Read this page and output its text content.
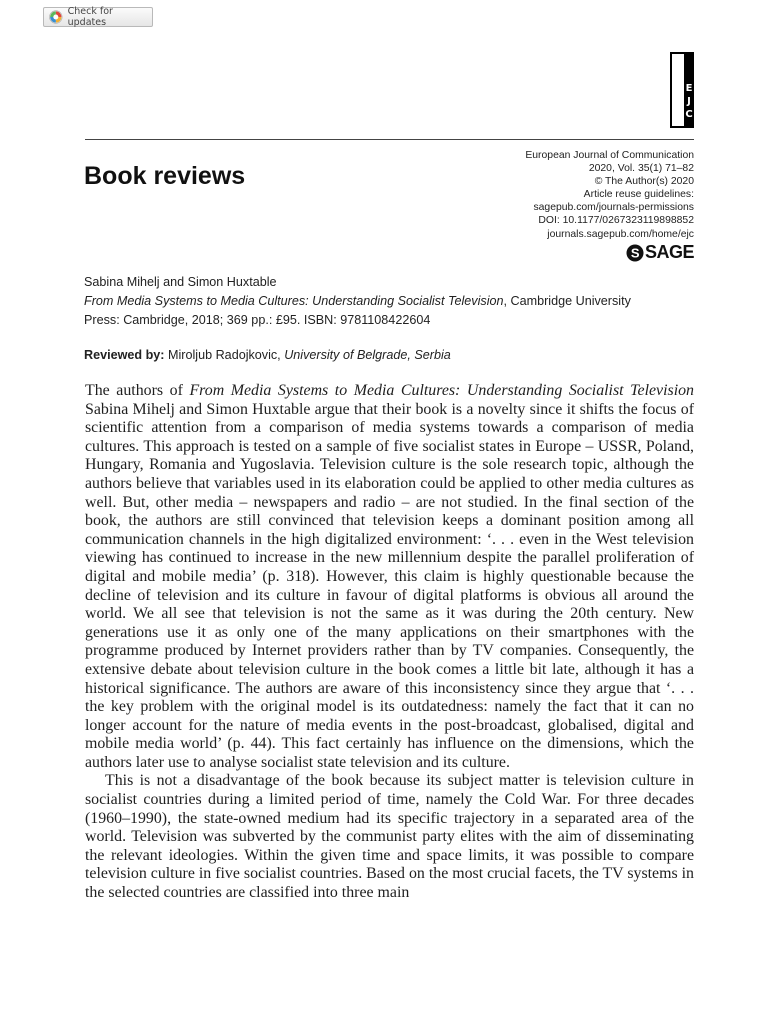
Check for updates
E
J
C
Book reviews
European Journal of Communication
2020, Vol. 35(1) 71–82
© The Author(s) 2020
Article reuse guidelines:
sagepub.com/journals-permissions
DOI: 10.1177/0267323119898852
journals.sagepub.com/home/ejc
S SAGE

Sabina Mihelj and Simon Huxtable

From Media Systems to Media Cultures: Understanding Socialist Television, Cambridge University

Press: Cambridge, 2018; 369 pp.: £95. ISBN: 9781108422604

Reviewed by: Miroljub Radojkovic, University of Belgrade, Serbia

The authors of From Media Systems to Media Cultures: Understanding Socialist Television Sabina Mihelj and Simon Huxtable argue that their book is a novelty since it shifts the focus of scientific attention from a comparison of media systems towards a comparison of media cultures. This approach is tested on a sample of five socialist states in Europe – USSR, Poland, Hungary, Romania and Yugoslavia. Television culture is the sole research topic, although the authors believe that variables used in its elaboration could be applied to other media cultures as well. But, other media – newspapers and radio – are not studied. In the final section of the book, the authors are still convinced that television keeps a dominant position among all communication channels in the high digitalized environment: ‘. . . even in the West television viewing has continued to increase in the new millennium despite the parallel proliferation of digital and mobile media’ (p. 318). However, this claim is highly questionable because the decline of television and its culture in favour of digital platforms is obvious all around the world. We all see that television is not the same as it was during the 20th century. New generations use it as only one of the many applications on their smartphones with the programme produced by Internet providers rather than by TV companies. Consequently, the extensive debate about television culture in the book comes a little bit late, although it has a historical significance. The authors are aware of this inconsistency since they argue that ‘. . . the key problem with the original model is its outdatedness: namely the fact that it can no longer account for the nature of media events in the post-broadcast, globalised, digital and mobile media world’ (p. 44). This fact certainly has influence on the dimensions, which the authors later use to analyse socialist state television and its culture.

This is not a disadvantage of the book because its subject matter is television culture in socialist countries during a limited period of time, namely the Cold War. For three decades (1960–1990), the state-owned medium had its specific trajectory in a separated area of the world. Television was subverted by the communist party elites with the aim of disseminating the relevant ideologies. Within the given time and space limits, it was possible to compare television culture in five socialist countries. Based on the most crucial facets, the TV systems in the selected countries are classified into three main
